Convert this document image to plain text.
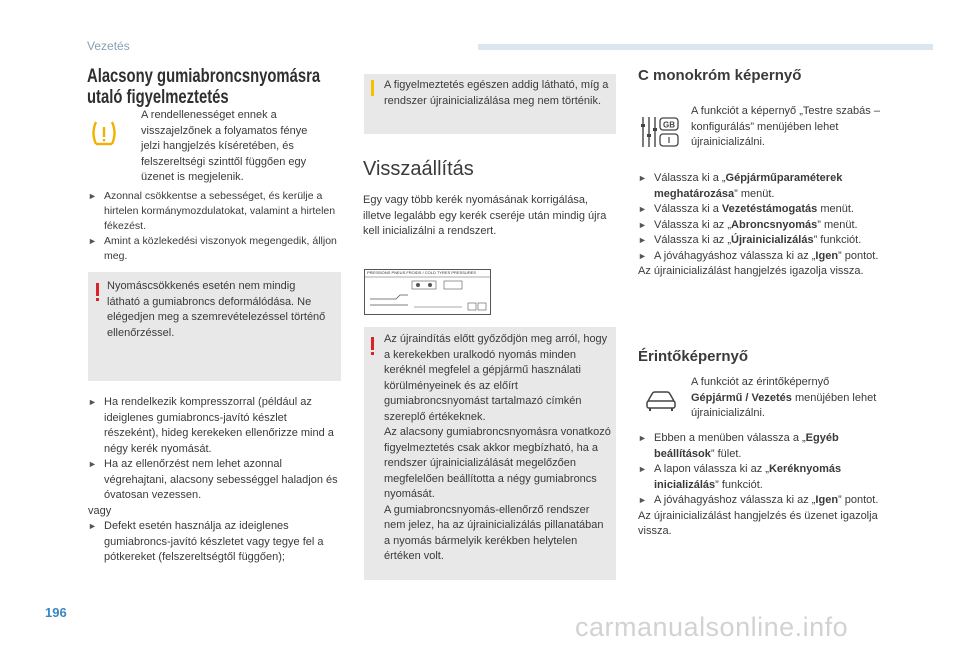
Vezetés
196	carmanualsonline.info
Alacsony gumiabroncsnyomásra utaló figyelmeztetés

A rendellenességet ennek a visszajelzőnek a folyamatos fénye jelzi hangjelzés kíséretében, és felszereltségi szinttől függően egy üzenet is megjelenik.

► Azonnal csökkentse a sebességet, és kerülje a hirtelen kormánymozdulatokat, valamint a hirtelen fékezést.
► Amint a közlekedési viszonyok megengedik, álljon meg.

Nyomáscsökkenés esetén nem mindig látható a gumiabroncs deformálódása. Ne elégedjen meg a szemrevételezéssel történő ellenőrzéssel.

► Ha rendelkezik kompresszorral (például az ideiglenes gumiabroncs-javító készlet részeként), hideg kerekeken ellenőrizze mind a négy kerék nyomását.
► Ha az ellenőrzést nem lehet azonnal végrehajtani, alacsony sebességgel haladjon és óvatosan vezessen.
vagy
► Defekt esetén használja az ideiglenes gumiabroncs-javító készletet vagy tegye fel a pótkereket (felszereltségtől függően);

A figyelmeztetés egészen addig látható, míg a rendszer újrainicializálása meg nem történik.

Visszaállítás

Egy vagy több kerék nyomásának korrigálása, illetve legalább egy kerék cseréje után mindig újra kell inicializálni a rendszert.

PRESSIONS PNEUS FROIDS / COLD TYRES PRESSURES

Az újraindítás előtt győződjön meg arról, hogy a kerekekben uralkodó nyomás minden keréknél megfelel a gépjármű használati körülményeinek és az előírt gumiabroncsnyomást tartalmazó címkén szereplő értékeknek.

Az alacsony gumiabroncsnyomásra vonatkozó figyelmeztetés csak akkor megbízható, ha a rendszer újrainicializálását megelőzően megfelelően beállította a négy gumiabroncs nyomását.

A gumiabroncsnyomás-ellenőrző rendszer nem jelez, ha az újrainicializálás pillanatában a nyomás bármelyik kerékben helytelen értéken volt.

C monokróm képernyő
GB

A funkciót a képernyő „Testre szabás – konfigurálás” menüjében lehet újrainicializálni.

► Válassza ki a „Gépjárműparaméterek meghatározása” menüt.
► Válassza ki a Vezetéstámogatás menüt.
► Válassza ki az „Abroncsnyomás” menüt.
► Válassza ki az „Újrainicializálás” funkciót.
► A jóváhagyáshoz válassza ki az „Igen” pontot.
Az újrainicializálást hangjelzés igazolja vissza.
Érintőképernyő
A funkciót az érintőképernyő
Gépjármű / Vezetés menüjében lehet újrainicializálni.
► Ebben a menüben válassza a „Egyéb beállítások” fület.
► A lapon válassza ki az „Keréknyomás inicializálás” funkciót.
► A jóváhagyáshoz válassza ki az „Igen” pontot.
Az újrainicializálást hangjelzés és üzenet igazolja vissza.
